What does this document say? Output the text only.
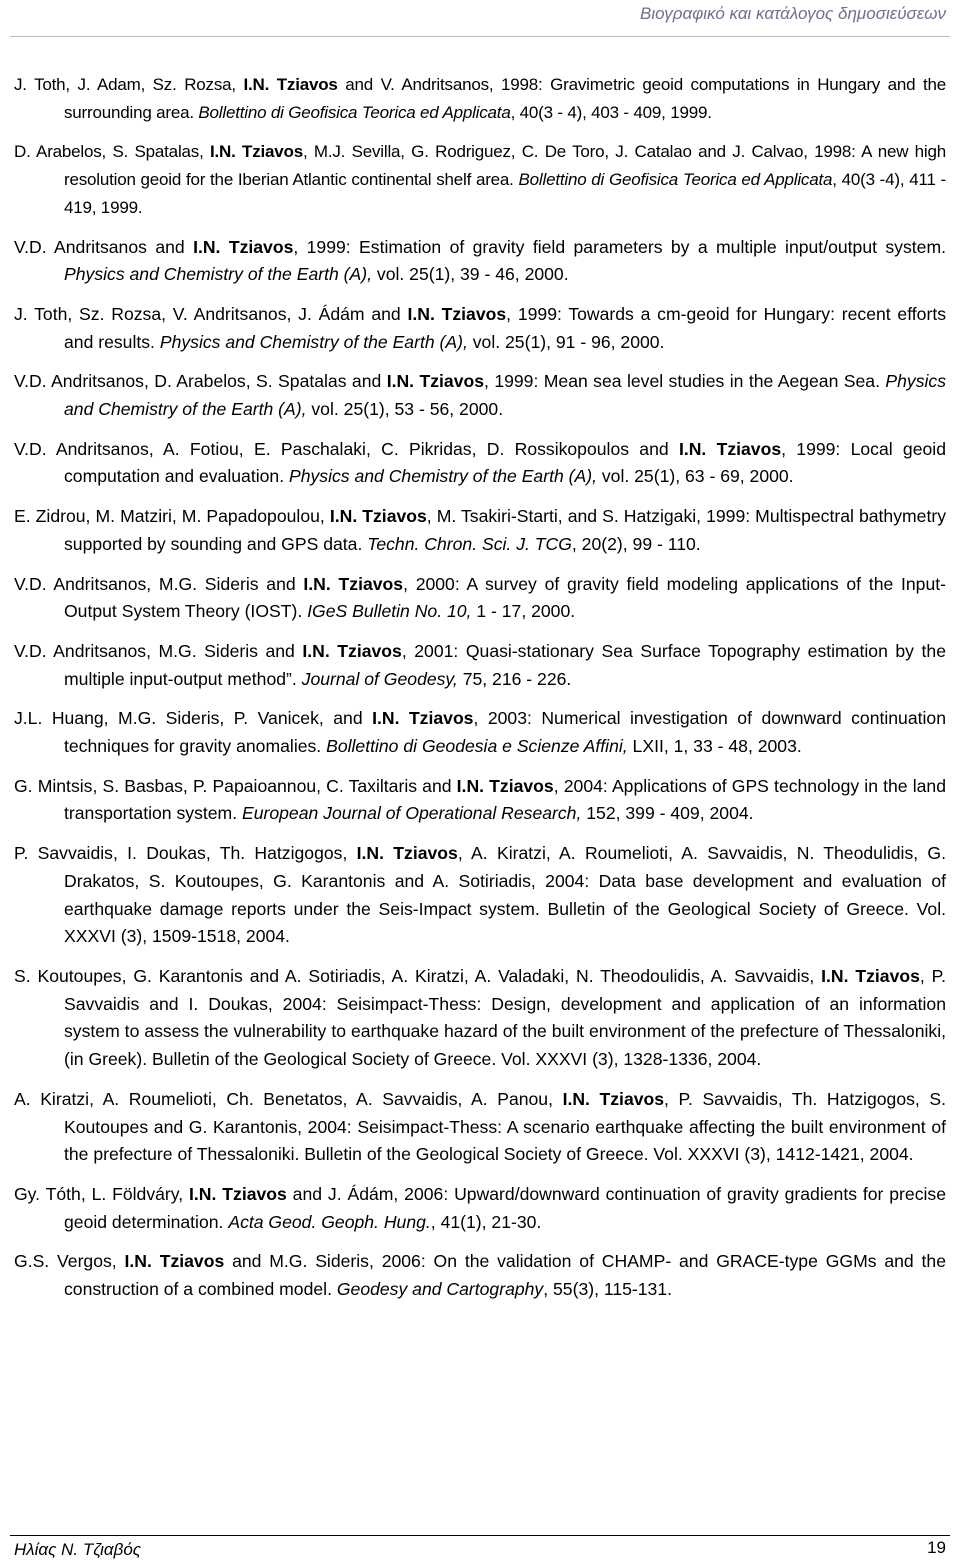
Βιογραφικό και κατάλογος δημοσιεύσεων

J. Toth, J. Adam, Sz. Rozsa, I.N. Tziavos and V. Andritsanos, 1998: Gravimetric geoid computations in Hungary and the surrounding area. Bollettino di Geofisica Teorica ed Applicata, 40(3 - 4), 403 - 409, 1999.

D. Arabelos, S. Spatalas, I.N. Tziavos, M.J. Sevilla, G. Rodriguez, C. De Toro, J. Catalao and J. Calvao, 1998: A new high resolution geoid for the Iberian Atlantic continental shelf area. Bollettino di Geofisica Teorica ed Applicata, 40(3 -4), 411 - 419, 1999.

V.D. Andritsanos and I.N. Tziavos, 1999: Estimation of gravity field parameters by a multiple input/output system. Physics and Chemistry of the Earth (A), vol. 25(1), 39 - 46, 2000.

J. Toth, Sz. Rozsa, V. Andritsanos, J. Ádám and I.N. Tziavos, 1999: Towards a cm-geoid for Hungary: recent efforts and results. Physics and Chemistry of the Earth (A), vol. 25(1), 91 - 96, 2000.

V.D. Andritsanos, D. Arabelos, S. Spatalas and I.N. Tziavos, 1999: Mean sea level studies in the Aegean Sea. Physics and Chemistry of the Earth (A), vol. 25(1), 53 - 56, 2000.

V.D. Andritsanos, A. Fotiou, E. Paschalaki, C. Pikridas, D. Rossikopoulos and I.N. Tziavos, 1999: Local geoid computation and evaluation. Physics and Chemistry of the Earth (A), vol. 25(1), 63 - 69, 2000.

E. Zidrou, M. Matziri, M. Papadopoulou, I.N. Tziavos, M. Tsakiri-Starti, and S. Hatzigaki, 1999: Multispectral bathymetry supported by sounding and GPS data. Techn. Chron. Sci. J. TCG, 20(2), 99 - 110.

V.D. Andritsanos, M.G. Sideris and I.N. Tziavos, 2000: A survey of gravity field modeling applications of the Input-Output System Theory (IOST). IGeS Bulletin No. 10, 1 - 17, 2000.

V.D. Andritsanos, M.G. Sideris and I.N. Tziavos, 2001: Quasi-stationary Sea Surface Topography estimation by the multiple input-output method”. Journal of Geodesy, 75, 216 - 226.

J.L. Huang, M.G. Sideris, P. Vanicek, and I.N. Tziavos, 2003: Numerical investigation of downward continuation techniques for gravity anomalies. Bollettino di Geodesia e Scienze Affini, LXII, 1, 33 - 48, 2003.

G. Mintsis, S. Basbas, P. Papaioannou, C. Taxiltaris and I.N. Tziavos, 2004: Applications of GPS technology in the land transportation system. European Journal of Operational Research, 152, 399 - 409, 2004.

P. Savvaidis, I. Doukas, Th. Hatzigogos, I.N. Tziavos, A. Kiratzi, A. Roumelioti, A. Savvaidis, N. Theodulidis, G. Drakatos, S. Koutoupes, G. Karantonis and A. Sotiriadis, 2004: Data base development and evaluation of earthquake damage reports under the Seis-Impact system. Bulletin of the Geological Society of Greece. Vol. XXXVI (3), 1509-1518, 2004.

S. Koutoupes, G. Karantonis and A. Sotiriadis, A. Kiratzi, A. Valadaki, N. Theodoulidis, A. Savvaidis, I.N. Tziavos, P. Savvaidis and I. Doukas, 2004: Seisimpact-Thess: Design, development and application of an information system to assess the vulnerability to earthquake hazard of the built environment of the prefecture of Thessaloniki, (in Greek). Bulletin of the Geological Society of Greece. Vol. XXXVI (3), 1328-1336, 2004.

A. Kiratzi, A. Roumelioti, Ch. Benetatos, A. Savvaidis, A. Panou, I.N. Tziavos, P. Savvaidis, Th. Hatzigogos, S. Koutoupes and G. Karantonis, 2004: Seisimpact-Thess: A scenario earthquake affecting the built environment of the prefecture of Thessaloniki. Bulletin of the Geological Society of Greece. Vol. XXXVI (3), 1412-1421, 2004.

Gy. Tóth, L. Földváry, I.N. Tziavos and J. Ádám, 2006: Upward/downward continuation of gravity gradients for precise geoid determination. Acta Geod. Geoph. Hung., 41(1), 21-30.

G.S. Vergos, I.N. Tziavos and M.G. Sideris, 2006: On the validation of CHAMP- and GRACE-type GGMs and the construction of a combined model. Geodesy and Cartography, 55(3), 115-131.

Ηλίας Ν. Τζιαβός	19
